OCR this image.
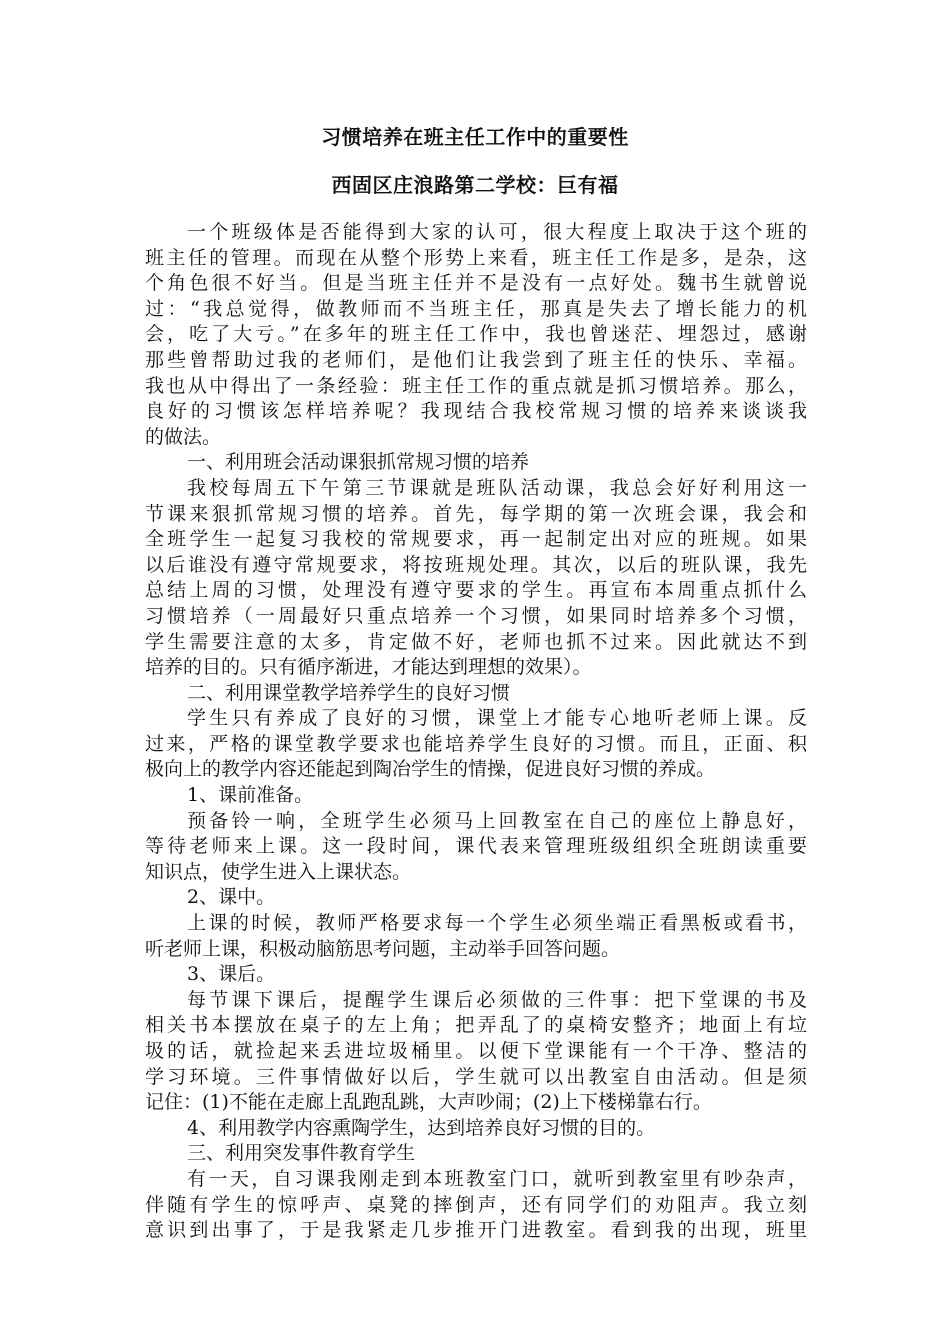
习惯培养在班主任工作中的重要性
西固区庄浪路第二学校：巨有福
一个班级体是否能得到大家的认可，很大程度上取决于这个班的
班主任的管理。而现在从整个形势上来看，班主任工作是多，是杂，这
个角色很不好当。但是当班主任并不是没有一点好处。魏书生就曾说
过：“我总觉得，做教师而不当班主任，那真是失去了增长能力的机
会，吃了大亏。”在多年的班主任工作中，我也曾迷茫、埋怨过，感谢
那些曾帮助过我的老师们，是他们让我尝到了班主任的快乐、幸福。
我也从中得出了一条经验：班主任工作的重点就是抓习惯培养。那么，
良好的习惯该怎样培养呢？我现结合我校常规习惯的培养来谈谈我
的做法。
一、利用班会活动课狠抓常规习惯的培养
我校每周五下午第三节课就是班队活动课，我总会好好利用这一
节课来狠抓常规习惯的培养。首先，每学期的第一次班会课，我会和
全班学生一起复习我校的常规要求，再一起制定出对应的班规。如果
以后谁没有遵守常规要求，将按班规处理。其次，以后的班队课，我先
总结上周的习惯，处理没有遵守要求的学生。再宣布本周重点抓什么
习惯培养（一周最好只重点培养一个习惯，如果同时培养多个习惯，
学生需要注意的太多，肯定做不好，老师也抓不过来。因此就达不到
培养的目的。只有循序渐进，才能达到理想的效果）。
二、利用课堂教学培养学生的良好习惯
学生只有养成了良好的习惯，课堂上才能专心地听老师上课。反
过来，严格的课堂教学要求也能培养学生良好的习惯。而且，正面、积
极向上的教学内容还能起到陶冶学生的情操，促进良好习惯的养成。
1、课前准备。
预备铃一响，全班学生必须马上回教室在自己的座位上静息好，
等待老师来上课。这一段时间，课代表来管理班级组织全班朗读重要
知识点，使学生进入上课状态。
2、课中。
上课的时候，教师严格要求每一个学生必须坐端正看黑板或看书，
听老师上课，积极动脑筋思考问题，主动举手回答问题。
3、课后。
每节课下课后，提醒学生课后必须做的三件事：把下堂课的书及
相关书本摆放在桌子的左上角；把弄乱了的桌椅安整齐；地面上有垃
圾的话，就捡起来丢进垃圾桶里。以便下堂课能有一个干净、整洁的
学习环境。三件事情做好以后，学生就可以出教室自由活动。但是须
记住：(1)不能在走廊上乱跑乱跳，大声吵闹；(2)上下楼梯靠右行。
4、利用教学内容熏陶学生，达到培养良好习惯的目的。
三、利用突发事件教育学生
有一天，自习课我刚走到本班教室门口，就听到教室里有吵杂声，
伴随有学生的惊呼声、桌凳的摔倒声，还有同学们的劝阻声。我立刻
意识到出事了，于是我紧走几步推开门进教室。看到我的出现，班里
